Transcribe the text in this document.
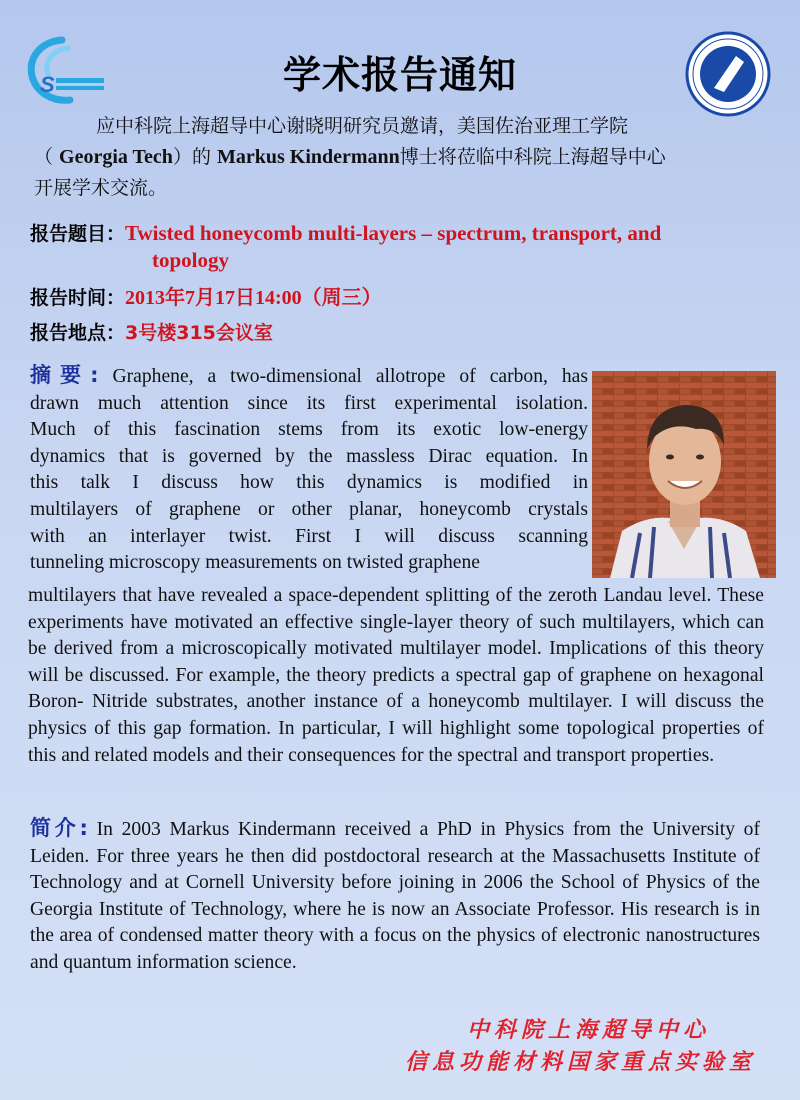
S	学术报告通知
应中科院上海超导中心谢晓明研究员邀请，美国佐治亚理工学院
（ Georgia Tech）的 Markus Kindermann博士将莅临中科院上海超导中心
开展学术交流。
报告题目：Twisted honeycomb multi-layers – spectrum, transport, and
topology
报告时间：2013年7月17日14:00（周三）
报告地点：3号楼315会议室
摘要: Graphene, a two-dimensional allotrope of carbon, has
drawn much attention since its first experimental isolation.
Much of this fascination stems from its exotic low-energy
dynamics that is governed by the massless Dirac equation. In
this talk I discuss how this dynamics is modified in
multilayers of graphene or other planar, honeycomb crystals
with an interlayer twist. First I will discuss scanning
tunneling microscopy measurements on twisted graphene
multilayers that have revealed a space-dependent splitting of the zeroth Landau level. These experiments have motivated an effective single-layer theory of such multilayers, which can be derived from a microscopically motivated multilayer model. Implications of this theory will be discussed. For example, the theory predicts a spectral gap of graphene on hexagonal Boron- Nitride substrates, another instance of a honeycomb multilayer. I will discuss the physics of this gap formation. In particular, I will highlight some topological properties of this and related models and their consequences for the spectral and transport properties.
简介: In 2003 Markus Kindermann received a PhD in Physics from the University of Leiden. For three years he then did postdoctoral research at the Massachusetts Institute of Technology and at Cornell University before joining in 2006 the School of Physics of the Georgia Institute of Technology, where he is now an Associate Professor. His research is in the area of condensed matter theory with a focus on the physics of electronic nanostructures and quantum information science.
中科院上海超导中心
信息功能材料国家重点实验室
